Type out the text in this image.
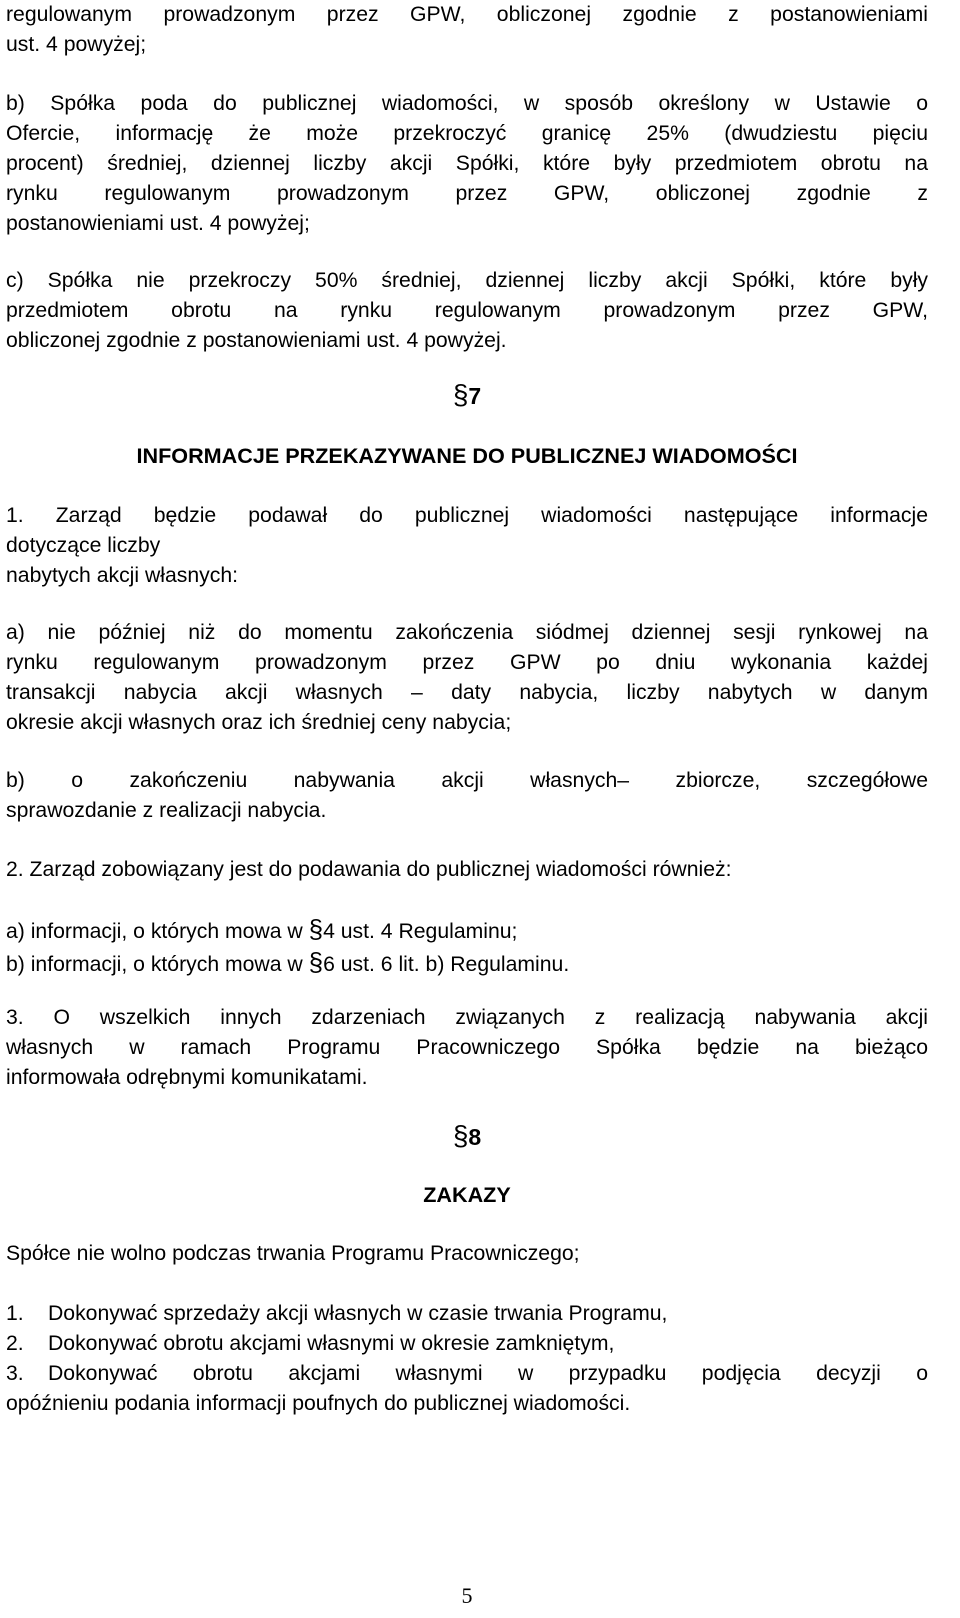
regulowanym prowadzonym przez GPW, obliczonej zgodnie z postanowieniami

ust. 4 powyżej;

b) Spółka poda do publicznej wiadomości, w sposób określony w Ustawie o

Ofercie, informację że może przekroczyć granicę 25% (dwudziestu pięciu

procent) średniej, dziennej liczby akcji Spółki, które były przedmiotem obrotu na

rynku regulowanym prowadzonym przez GPW, obliczonej zgodnie z

postanowieniami ust. 4 powyżej;

c) Spółka nie przekroczy 50% średniej, dziennej liczby akcji Spółki, które były

przedmiotem obrotu na rynku regulowanym prowadzonym przez GPW,

obliczonej zgodnie z postanowieniami ust. 4 powyżej.

§7
INFORMACJE PRZEKAZYWANE DO PUBLICZNEJ WIADOMOŚCI

1. Zarząd będzie podawał do publicznej wiadomości następujące informacje

dotyczące liczby

nabytych akcji własnych:

a) nie później niż do momentu zakończenia siódmej dziennej sesji rynkowej na

rynku regulowanym prowadzonym przez GPW po dniu wykonania każdej

transakcji nabycia akcji własnych – daty nabycia, liczby nabytych w danym

okresie akcji własnych oraz ich średniej ceny nabycia;

b) o zakończeniu nabywania akcji własnych– zbiorcze, szczegółowe

sprawozdanie z realizacji nabycia.

2. Zarząd zobowiązany jest do podawania do publicznej wiadomości również:

a) informacji, o których mowa w §4 ust. 4 Regulaminu;

b) informacji, o których mowa w §6 ust. 6 lit. b) Regulaminu.

3. O wszelkich innych zdarzeniach związanych z realizacją nabywania akcji

własnych w ramach Programu Pracowniczego Spółka będzie na bieżąco

informowała odrębnymi komunikatami.

§8
ZAKAZY

Spółce nie wolno podczas trwania Programu Pracowniczego;

1.	Dokonywać sprzedaży akcji własnych w czasie trwania Programu,

2.	Dokonywać obrotu akcjami własnymi w okresie zamkniętym,

3.	Dokonywać obrotu akcjami własnymi w przypadku podjęcia decyzji o

opóźnieniu podania informacji poufnych do publicznej wiadomości.

5
